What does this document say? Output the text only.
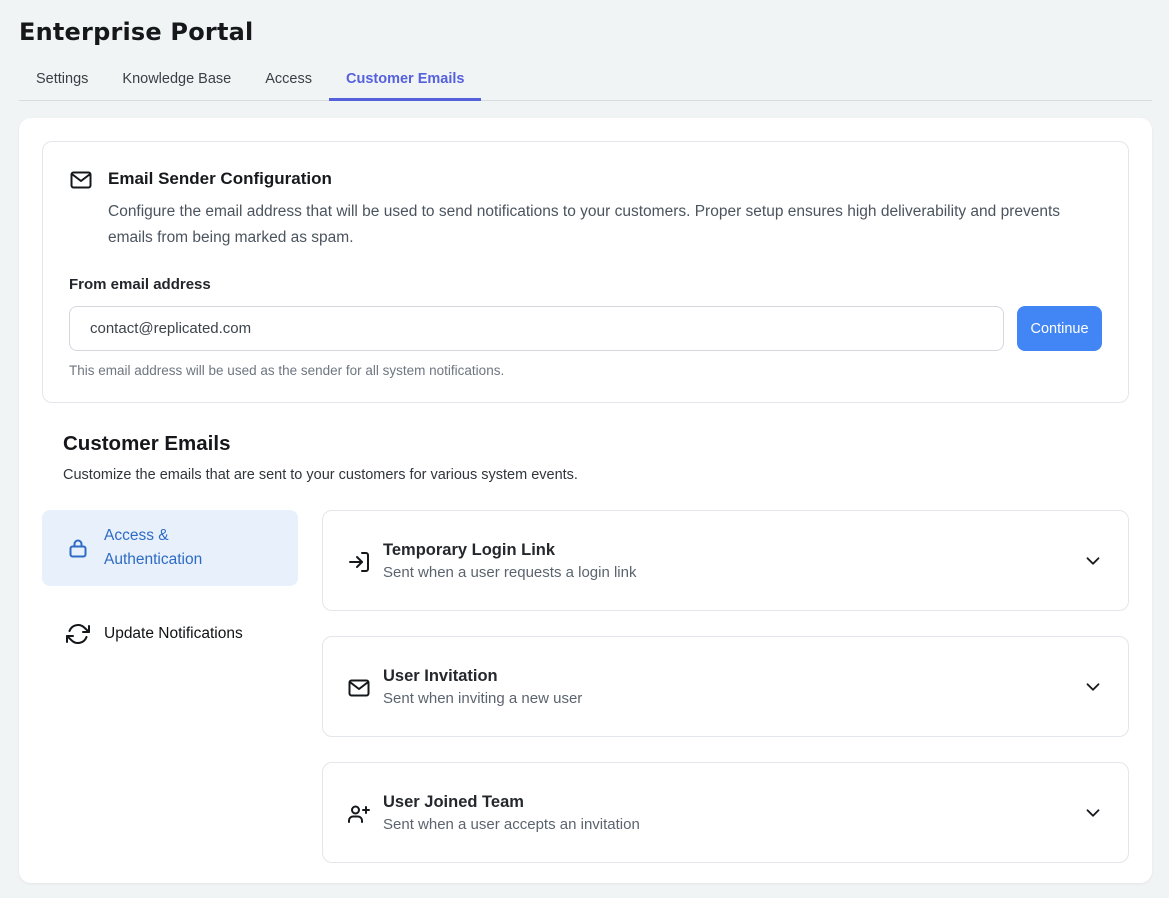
Enterprise Portal
Settings	Knowledge Base	Access	Customer Emails
Email Sender Configuration
Configure the email address that will be used to send notifications to your customers. Proper setup ensures high deliverability and prevents emails from being marked as spam.
From email address
contact@replicated.com
Continue
This email address will be used as the sender for all system notifications.
Customer Emails
Customize the emails that are sent to your customers for various system events.
Access & Authentication
Update Notifications
Temporary Login Link
Sent when a user requests a login link
User Invitation
Sent when inviting a new user
User Joined Team
Sent when a user accepts an invitation
